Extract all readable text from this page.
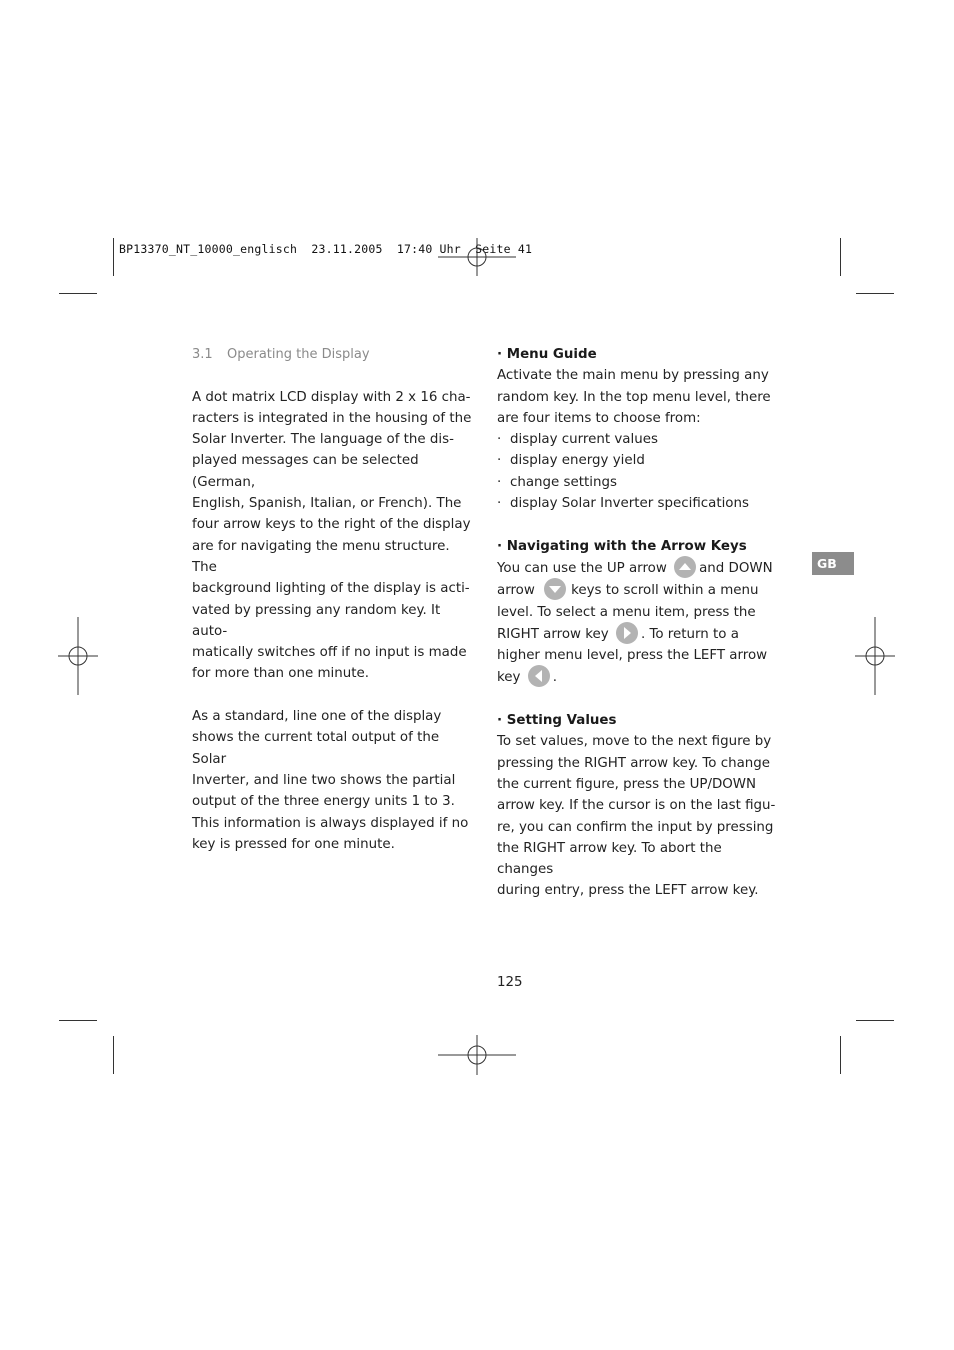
BP13370_NT_10000_englisch  23.11.2005  17:40 Uhr  Seite 41

3.1 Operating the Display

A dot matrix LCD display with 2 x 16 cha-

racters is integrated in the housing of the

Solar Inverter. The language of the dis-

played messages can be selected (German,

English, Spanish, Italian, or French). The

four arrow keys to the right of the display

are for navigating the menu structure. The

background lighting of the display is acti-

vated by pressing any random key. It auto-

matically switches off if no input is made

for more than one minute.

As a standard, line one of the display

shows the current total output of the Solar

Inverter, and line two shows the partial

output of the three energy units 1 to 3.

This information is always displayed if no

key is pressed for one minute.

· Menu Guide

Activate the main menu by pressing any

random key. In the top menu level, there

are four items to choose from:

· display current values

· display energy yield

· change settings

· display Solar Inverter specifications

· Navigating with the Arrow Keys

You can use the UP arrow and DOWN

arrow	keys to scroll within a menu

level. To select a menu item, press the

RIGHT arrow key . To return to a

higher menu level, press the LEFT arrow

key .

· Setting Values

To set values, move to the next figure by

pressing the RIGHT arrow key. To change

the current figure, press the UP/DOWN

arrow key. If the cursor is on the last figu-

re, you can confirm the input by pressing

the RIGHT arrow key. To abort the changes

during entry, press the LEFT arrow key.

GB
125
